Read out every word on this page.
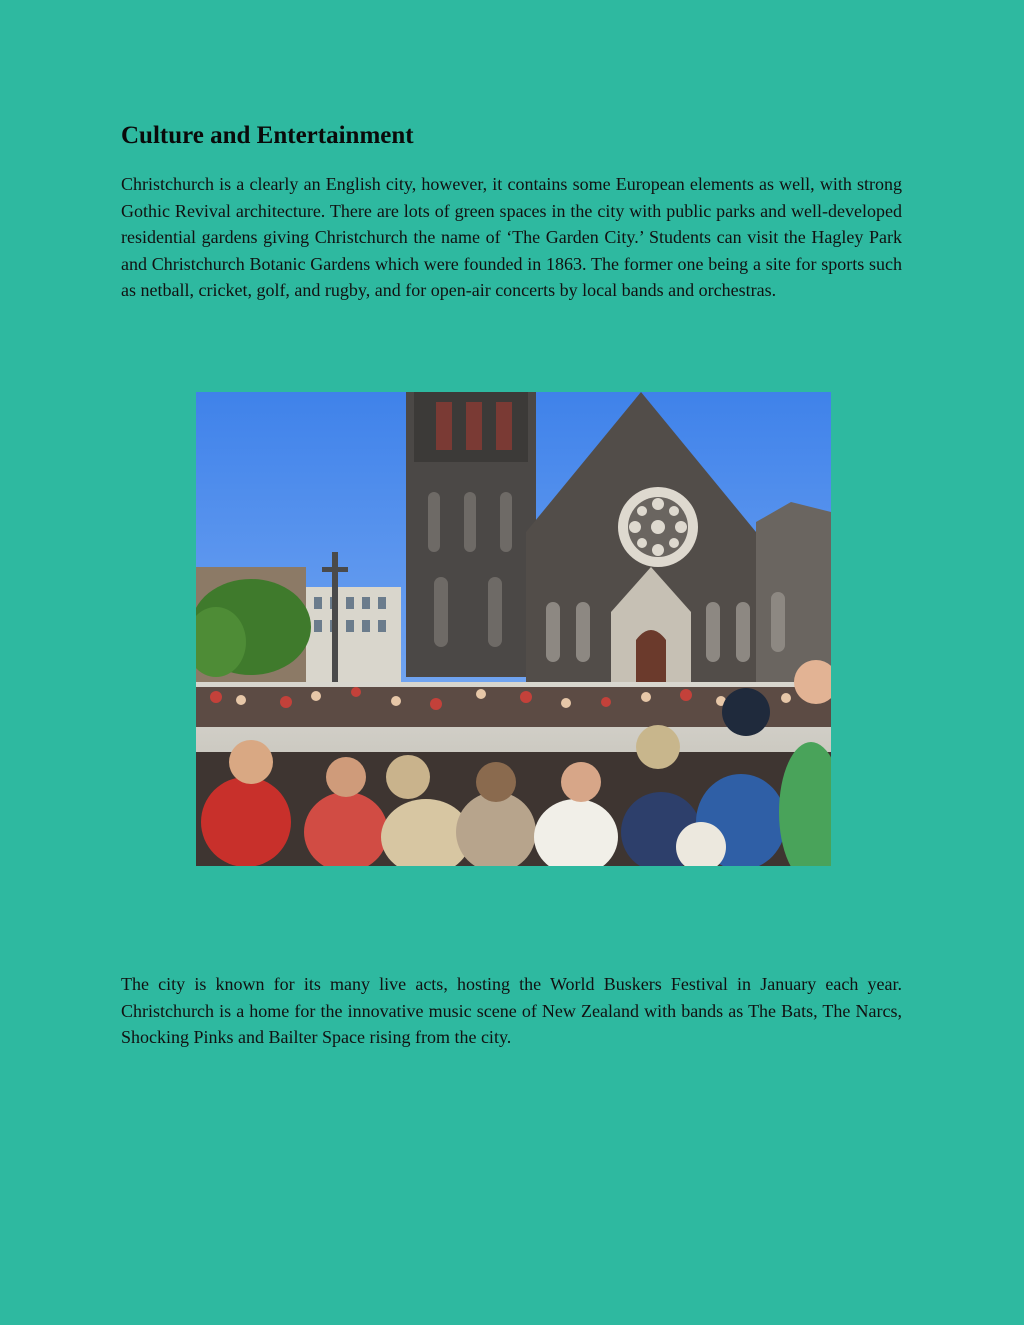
Culture and Entertainment

Christchurch is a clearly an English city, however, it contains some European elements as well, with strong Gothic Revival architecture. There are lots of green spaces in the city with public parks and well-developed residential gardens giving Christchurch the name of ‘The Garden City.’ Students can visit the Hagley Park and Christchurch Botanic Gardens which were founded in 1863. The former one being a site for sports such as netball, cricket, golf, and rugby, and for open-air concerts by local bands and orchestras.

The city is known for its many live acts, hosting the World Buskers Festival in January each year. Christchurch is a home for the innovative music scene of New Zealand with bands as The Bats, The Narcs, Shocking Pinks and Bailter Space rising from the city.
